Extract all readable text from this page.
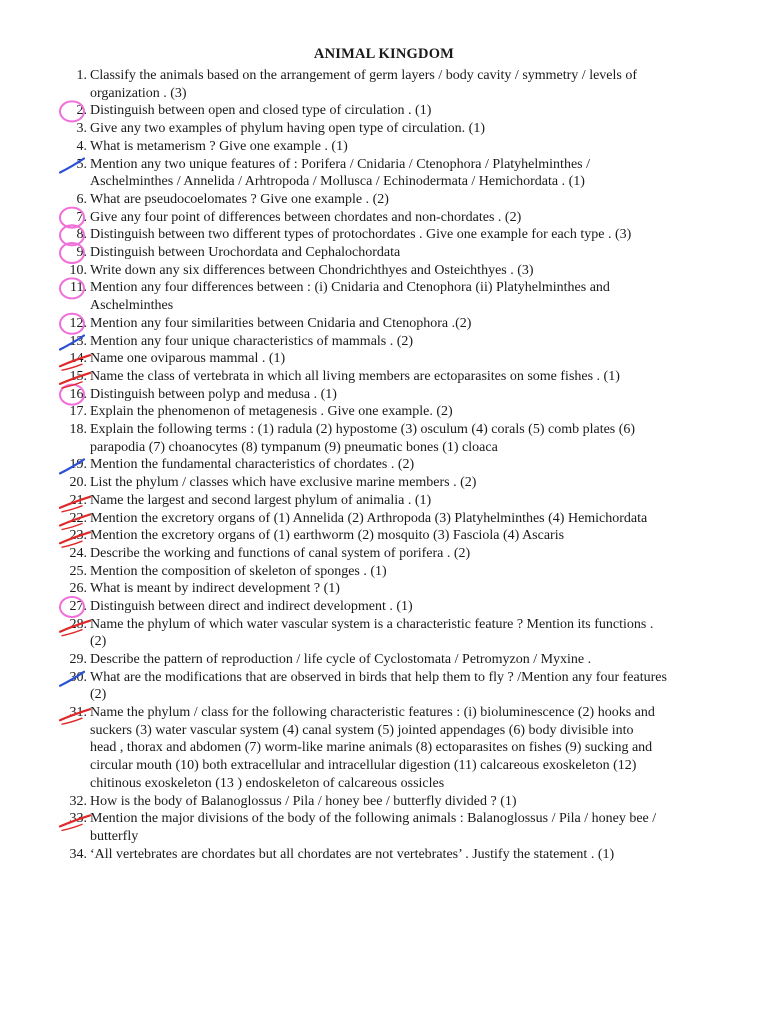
ANIMAL KINGDOM
1. Classify the animals based on the arrangement of germ layers / body cavity / symmetry / levels of
organization . (3)
2. Distinguish between open and closed type of circulation . (1)
3. Give any two examples of phylum having open type of circulation. (1)
4. What is metamerism ? Give one example . (1)
5. Mention any two unique features of : Porifera / Cnidaria / Ctenophora / Platyhelminthes /
Aschelminthes / Annelida / Arhtropoda / Mollusca / Echinodermata / Hemichordata . (1)
6. What are pseudocoelomates ? Give one example . (2)
7. Give any four point of differences between chordates and non-chordates . (2)
8. Distinguish between two different types of protochordates . Give one example for each type . (3)
9. Distinguish between Urochordata and Cephalochordata
10. Write down any six differences between Chondrichthyes and Osteichthyes . (3)
11. Mention any four differences between : (i) Cnidaria and Ctenophora (ii) Platyhelminthes and
Aschelminthes
12. Mention any four similarities between Cnidaria and Ctenophora .(2)
13. Mention any four unique characteristics of mammals . (2)
14. Name one oviparous mammal . (1)
15. Name the class of vertebrata in which all living members are ectoparasites on some fishes . (1)
16. Distinguish between polyp and medusa . (1)
17. Explain the phenomenon of metagenesis . Give one example. (2)
18. Explain the following terms : (1) radula (2) hypostome (3) osculum (4) corals (5) comb plates (6)
parapodia (7) choanocytes (8) tympanum (9) pneumatic bones (1) cloaca
19. Mention the fundamental characteristics of chordates . (2)
20. List the phylum / classes which have exclusive marine members . (2)
21. Name the largest and second largest phylum of animalia . (1)
22. Mention the excretory organs of (1) Annelida (2) Arthropoda (3) Platyhelminthes (4) Hemichordata
23. Mention the excretory organs of (1) earthworm (2) mosquito (3) Fasciola (4) Ascaris
24. Describe the working and functions of canal system of porifera . (2)
25. Mention the composition of skeleton of sponges . (1)
26. What is meant by indirect development ? (1)
27. Distinguish between direct and indirect development . (1)
28. Name the phylum of which water vascular system is a characteristic feature ? Mention its functions .
(2)
29. Describe the pattern of reproduction / life cycle of Cyclostomata / Petromyzon / Myxine .
30. What are the modifications that are observed in birds that help them to fly ? /Mention any four features
(2)
31. Name the phylum / class for the following characteristic features : (i) bioluminescence (2) hooks and
suckers (3) water vascular system (4) canal system (5) jointed appendages (6) body divisible into
head , thorax and abdomen (7) worm-like marine animals (8) ectoparasites on fishes (9) sucking and
circular mouth (10) both extracellular and intracellular digestion (11) calcareous exoskeleton (12)
chitinous exoskeleton (13 ) endoskeleton of calcareous ossicles
32. How is the body of Balanoglossus / Pila / honey bee / butterfly divided ? (1)
33. Mention the major divisions of the body of the following animals : Balanoglossus / Pila / honey bee /
butterfly
34. ‘All vertebrates are chordates but all chordates are not vertebrates’ . Justify the statement . (1)
